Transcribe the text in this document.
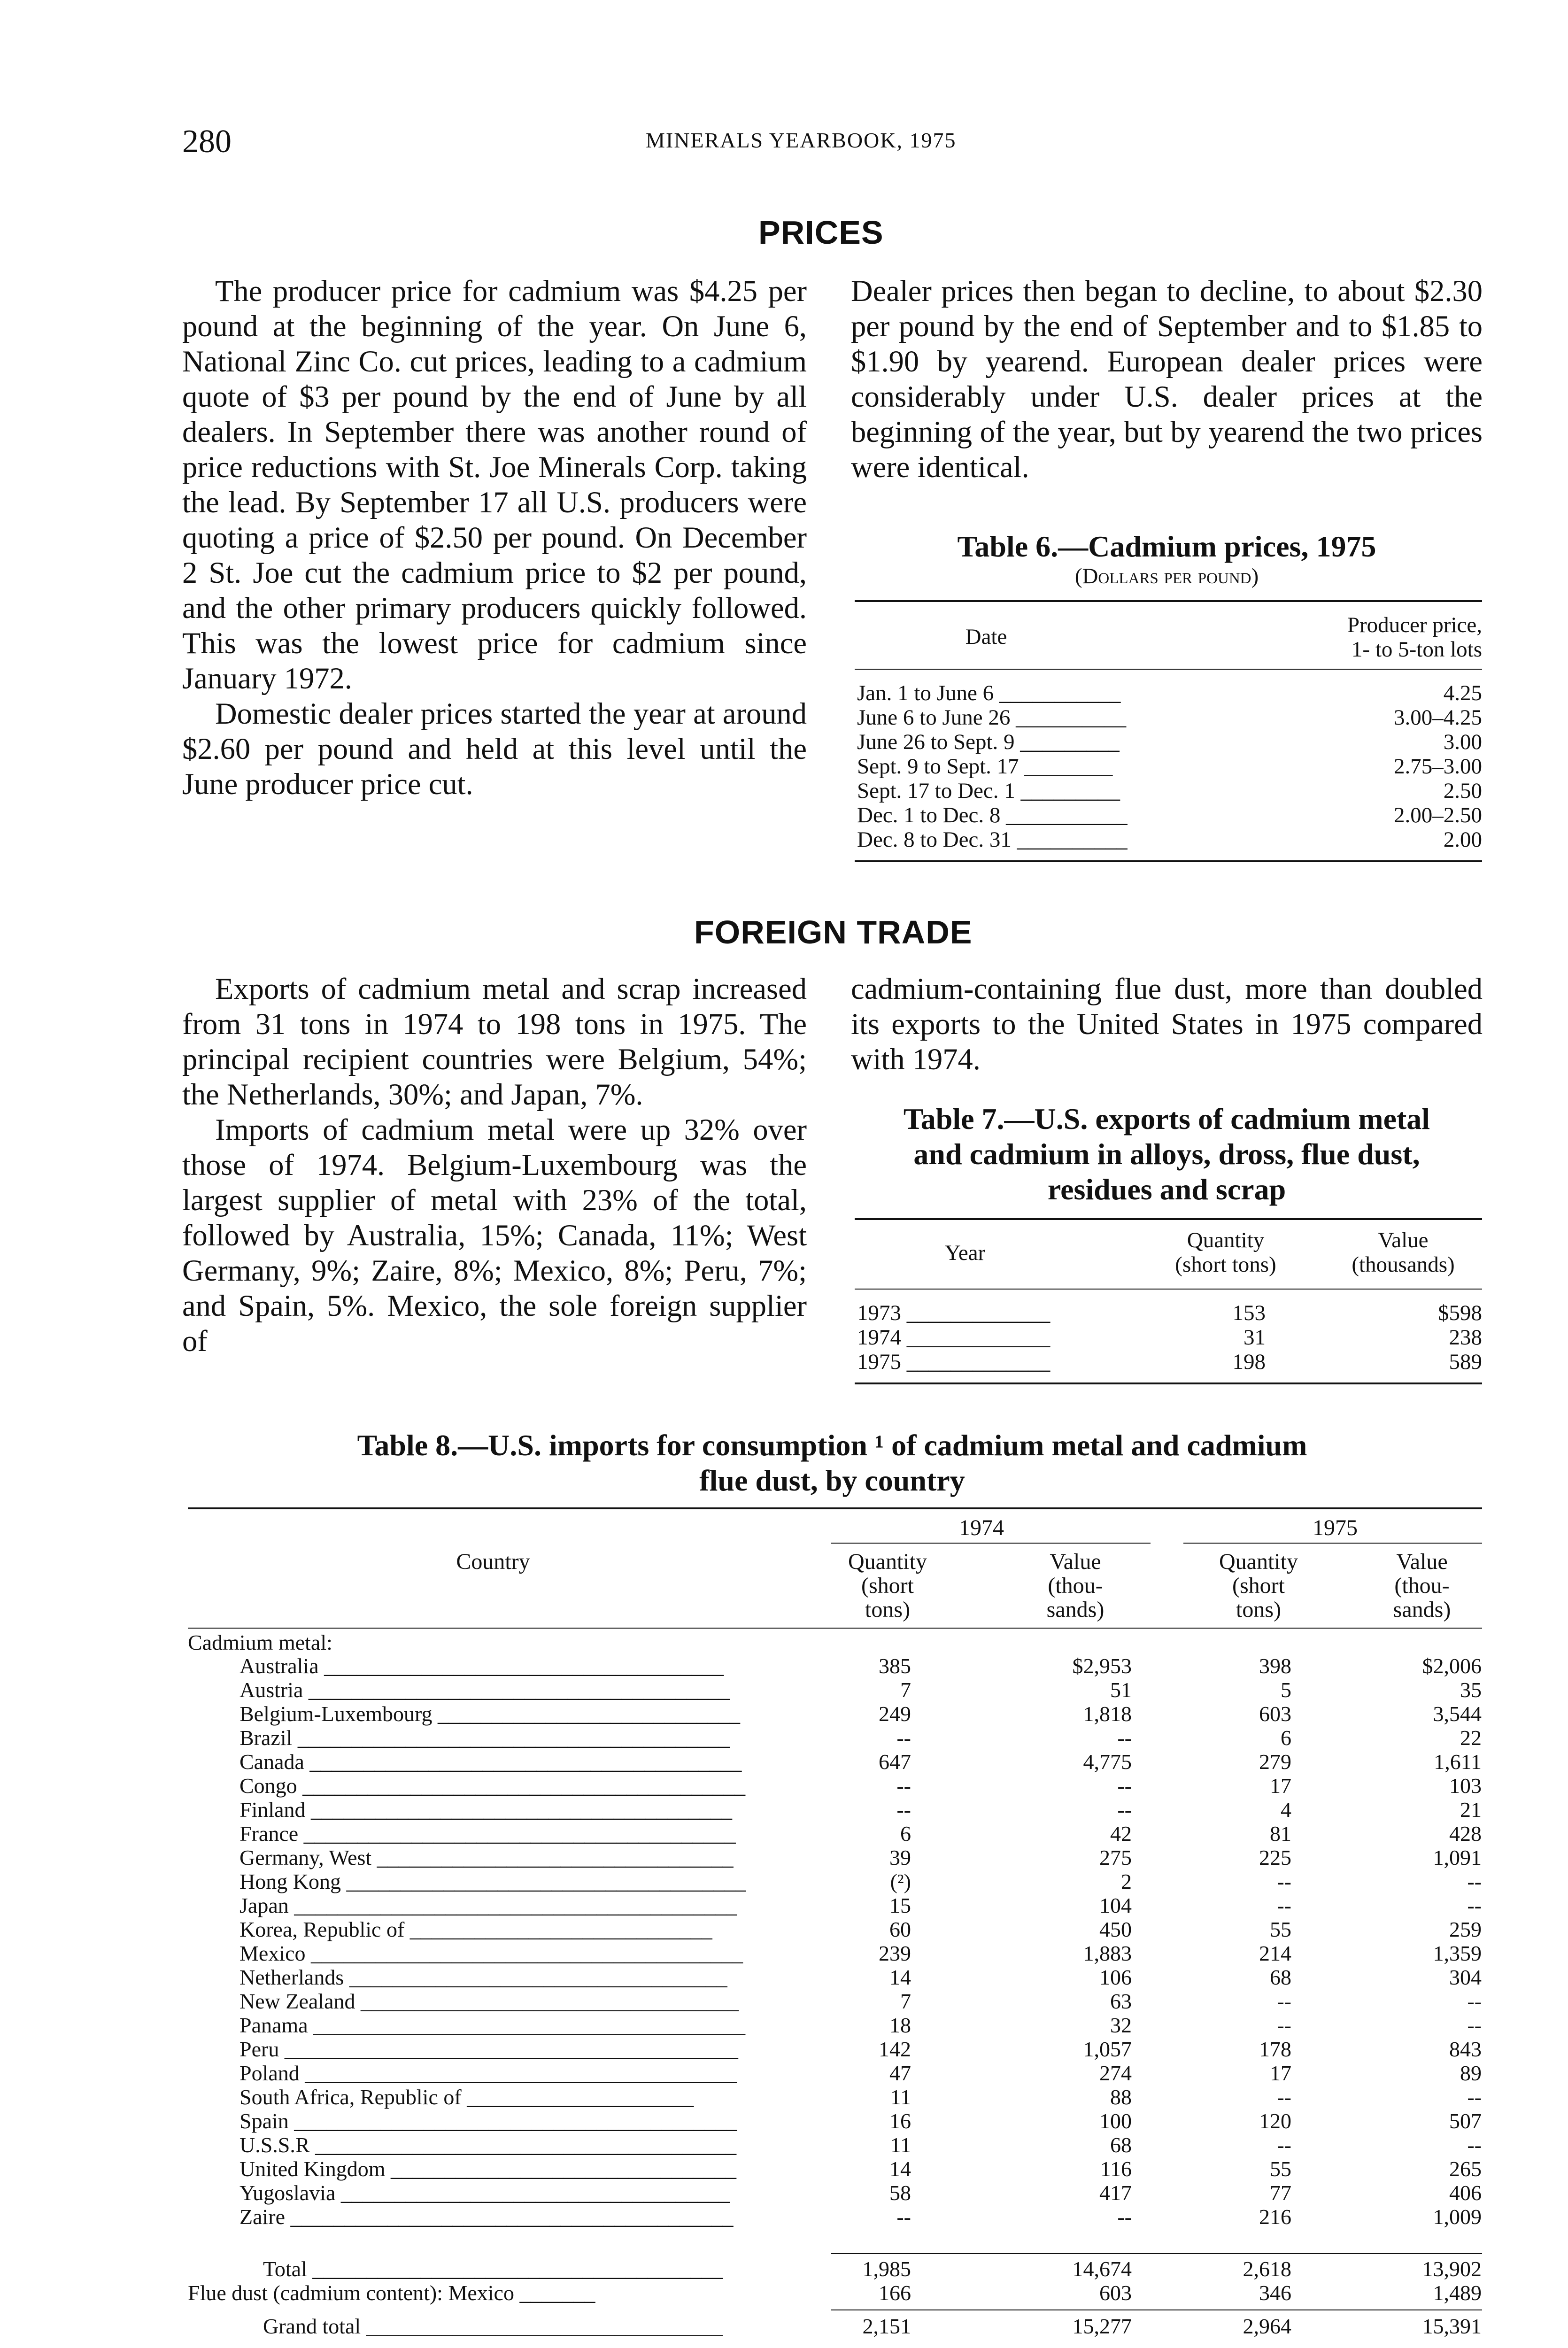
280	MINERALS YEARBOOK, 1975
PRICES

The producer price for cadmium was $4.25 per pound at the beginning of the year. On June 6, National Zinc Co. cut prices, leading to a cadmium quote of $3 per pound by the end of June by all dealers. In September there was another round of price reductions with St. Joe Minerals Corp. taking the lead. By September 17 all U.S. producers were quoting a price of $2.50 per pound. On December 2 St. Joe cut the cadmium price to $2 per pound, and the other primary producers quickly followed. This was the lowest price for cadmium since January 1972.

Domestic dealer prices started the year at around $2.60 per pound and held at this level until the June producer price cut.

Dealer prices then began to decline, to about $2.30 per pound by the end of September and to $1.85 to $1.90 by yearend. European dealer prices were considerably under U.S. dealer prices at the beginning of the year, but by yearend the two prices were identical.

Table 6.—Cadmium prices, 1975
(Dollars per pound)
Date	Producer price,
1- to 5-ton lots
Jan. 1 to June 6 ___________	4.25
June 6 to June 26 __________	3.00–4.25
June 26 to Sept. 9 _________	3.00
Sept. 9 to Sept. 17 ________	2.75–3.00
Sept. 17 to Dec. 1 _________	2.50
Dec. 1 to Dec. 8 ___________	2.00–2.50
Dec. 8 to Dec. 31 __________	2.00
FOREIGN TRADE

Exports of cadmium metal and scrap increased from 31 tons in 1974 to 198 tons in 1975. The principal recipient countries were Belgium, 54%; the Netherlands, 30%; and Japan, 7%.

Imports of cadmium metal were up 32% over those of 1974. Belgium-Luxembourg was the largest supplier of metal with 23% of the total, followed by Australia, 15%; Canada, 11%; West Germany, 9%; Zaire, 8%; Mexico, 8%; Peru, 7%; and Spain, 5%. Mexico, the sole foreign supplier of

cadmium-containing flue dust, more than doubled its exports to the United States in 1975 compared with 1974.

Table 7.—U.S. exports of cadmium metal
and cadmium in alloys, dross, flue dust,
residues and scrap
Year
Quantity
(short tons)
Value
(thousands)
1973 _____________	153	$598
1974 _____________	31	238
1975 _____________	198	589
Table 8.—U.S. imports for consumption ¹ of cadmium metal and cadmium
flue dust, by country
1974	1975
Country	Quantity
(short
tons)
Value
(thou-
sands)
Quantity
(short
tons)
Value
(thou-
sands)
Cadmium metal:
Australia _____________________________________	385	$2,953	398	$2,006
Austria _______________________________________	7	51	5	35
Belgium-Luxembourg ____________________________	249	1,818	603	3,544
Brazil ________________________________________	--	--	6	22
Canada ________________________________________	647	4,775	279	1,611
Congo _________________________________________	--	--	17	103
Finland _______________________________________	--	--	4	21
France ________________________________________	6	42	81	428
Germany, West _________________________________	39	275	225	1,091
Hong Kong _____________________________________	(²)	2	--	--
Japan _________________________________________	15	104	--	--
Korea, Republic of ____________________________	60	450	55	259
Mexico ________________________________________	239	1,883	214	1,359
Netherlands ___________________________________	14	106	68	304
New Zealand ___________________________________	7	63	--	--
Panama ________________________________________	18	32	--	--
Peru __________________________________________	142	1,057	178	843
Poland ________________________________________	47	274	17	89
South Africa, Republic of _____________________	11	88	--	--
Spain _________________________________________	16	100	120	507
U.S.S.R _______________________________________	11	68	--	--
United Kingdom ________________________________	14	116	55	265
Yugoslavia ____________________________________	58	417	77	406
Zaire _________________________________________	--	--	216	1,009
Total ______________________________________	1,985	14,674	2,618	13,902
Flue dust (cadmium content): Mexico _______	166	603	346	1,489
Grand total _________________________________	2,151	15,277	2,964	15,391
